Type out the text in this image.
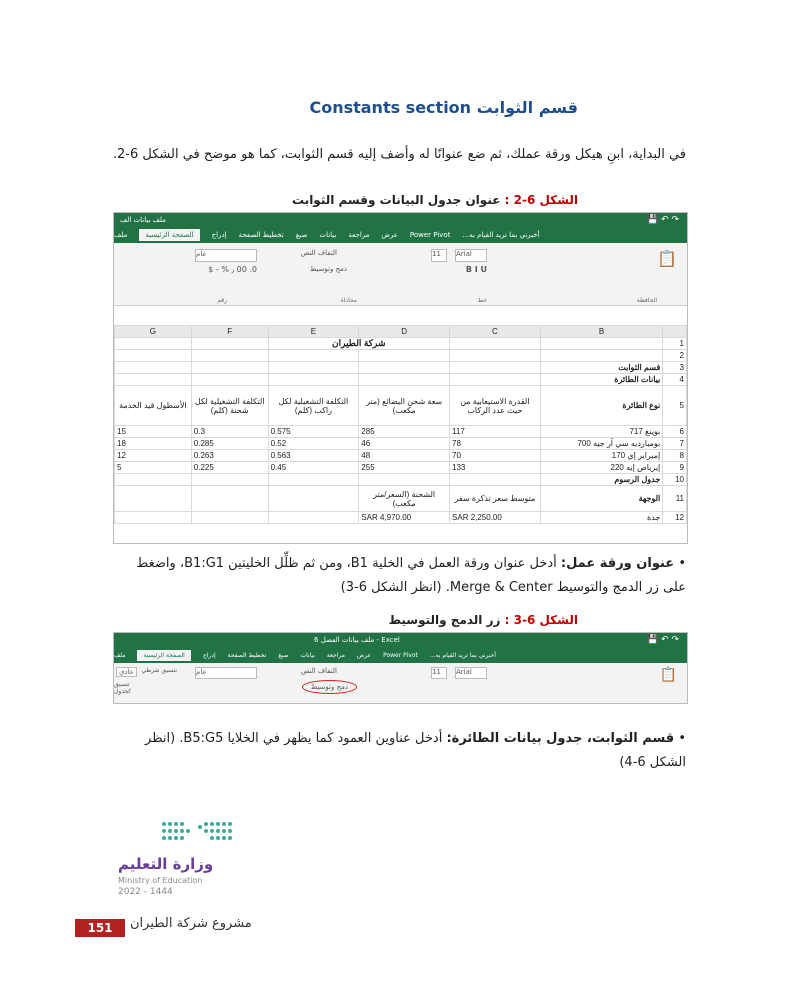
قسم الثوابت Constants section
في البداية، ابنِ هيكل ورقة عملك، ثم ضع عنوانًا له وأضف إليه قسم الثوابت، كما هو موضح في الشكل 6-2.
الشكل 6-2 : عنوان جدول البيانات وقسم الثوابت
💾 ↶ ↷
ملف بيانات الف
ملف	الصفحة الرئيسية	إدراج تخطيط الصفحة صيغ بيانات مراجعة عرض Power Pivot أخبرني بما تريد القيام به...
📋
Arial
11
B I U
التفاف النص
دمج وتوسيط
عام
$ - % ٫ 00 .0
الحافظة
خط
محاذاة
رقم
	B	C	D	E	F	G
1			شركة الطيران			
2						
3	قسم الثوابت					
4	بيانات الطائرة					
5	نوع الطائرة	القدرة الاستيعابية من حيث عدد الركاب	سعة شحن البضائع (متر مكعب)	التكلفة التشغيلية لكل راكب (كلم)	التكلفة التشغيلية لكل شحنة (كلم)	الأسطول قيد الخدمة
6	بوينغ 717	117	285	0.575	0.3	15
7	بومبارديه سي آر جيه 700	78	46	0.52	0.285	18
8	إمبراير إي 170	70	48	0.563	0.263	12
9	إيرباص إيه 220	133	255	0.45	0.225	5
10	جدول الرسوم					
11	الوجهة	متوسط سعر تذكرة سفر	الشحنة (السعر/متر مكعب)			
12	جدة	SAR 2,250.00	SAR 4,970.00			
• عنوان ورقة عمل: أدخل عنوان ورقة العمل في الخلية B1، ومن ثم ظلِّل الخليتين B1:G1، واضغط على زر الدمج والتوسيط Merge & Center. (انظر الشكل 6-3)
الشكل 6-3 : زر الدمج والتوسيط
💾 ↶ ↷
ملف بيانات الفصل 6 - Excel
ملف	الصفحة الرئيسية	إدراج تخطيط الصفحة صيغ بيانات مراجعة عرض Power Pivot أخبرني بما تريد القيام به...
📋
Arial
11
التفاف النص
دمج وتوسيط
عام
تنسيق شرطي
تنسيق كجدول
عادي
• قسم الثوابت، جدول بيانات الطائرة: أدخل عناوين العمود كما يظهر في الخلايا B5:G5. (انظر الشكل 6-4)
وزارة التعليم
Ministry of Education
2022 - 1444
151	مشروع شركة الطيران
